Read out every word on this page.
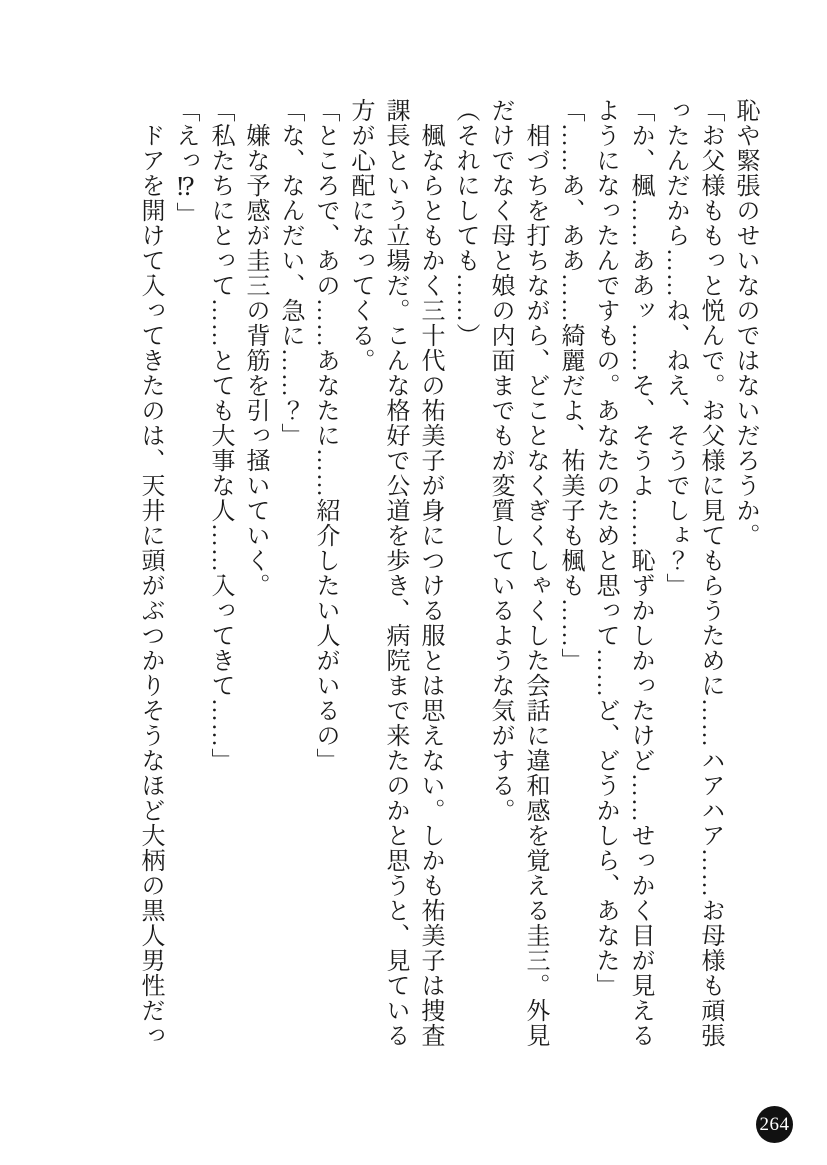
恥や緊張のせいなのではないだろうか。

「お父様ももっと悦んで。お父様に見てもらうために……ハアハア……お母様も頑張

ったんだから……ね、ねえ、そうでしょ？」

「か、楓……ああッ……そ、そうよ……恥ずかしかったけど……せっかく目が見える

ようになったんですもの。あなたのためと思って……ど、どうかしら、あなた」

「……あ、ああ……綺麗だよ、祐美子も楓も……」

相づちを打ちながら、どことなくぎくしゃくした会話に違和感を覚える圭三。外見

だけでなく母と娘の内面までもが変質しているような気がする。

（それにしても……）

楓ならともかく三十代の祐美子が身につける服とは思えない。しかも祐美子は捜査

課長という立場だ。こんな格好で公道を歩き、病院まで来たのかと思うと、見ている

方が心配になってくる。

「ところで、あの……あなたに……紹介したい人がいるの」

「な、なんだい、急に……？」

嫌な予感が圭三の背筋を引っ掻いていく。

「私たちにとって……とても大事な人……入ってきて……」

「えっ⁉」

ドアを開けて入ってきたのは、天井に頭がぶつかりそうなほど大柄の黒人男性だっ

264
